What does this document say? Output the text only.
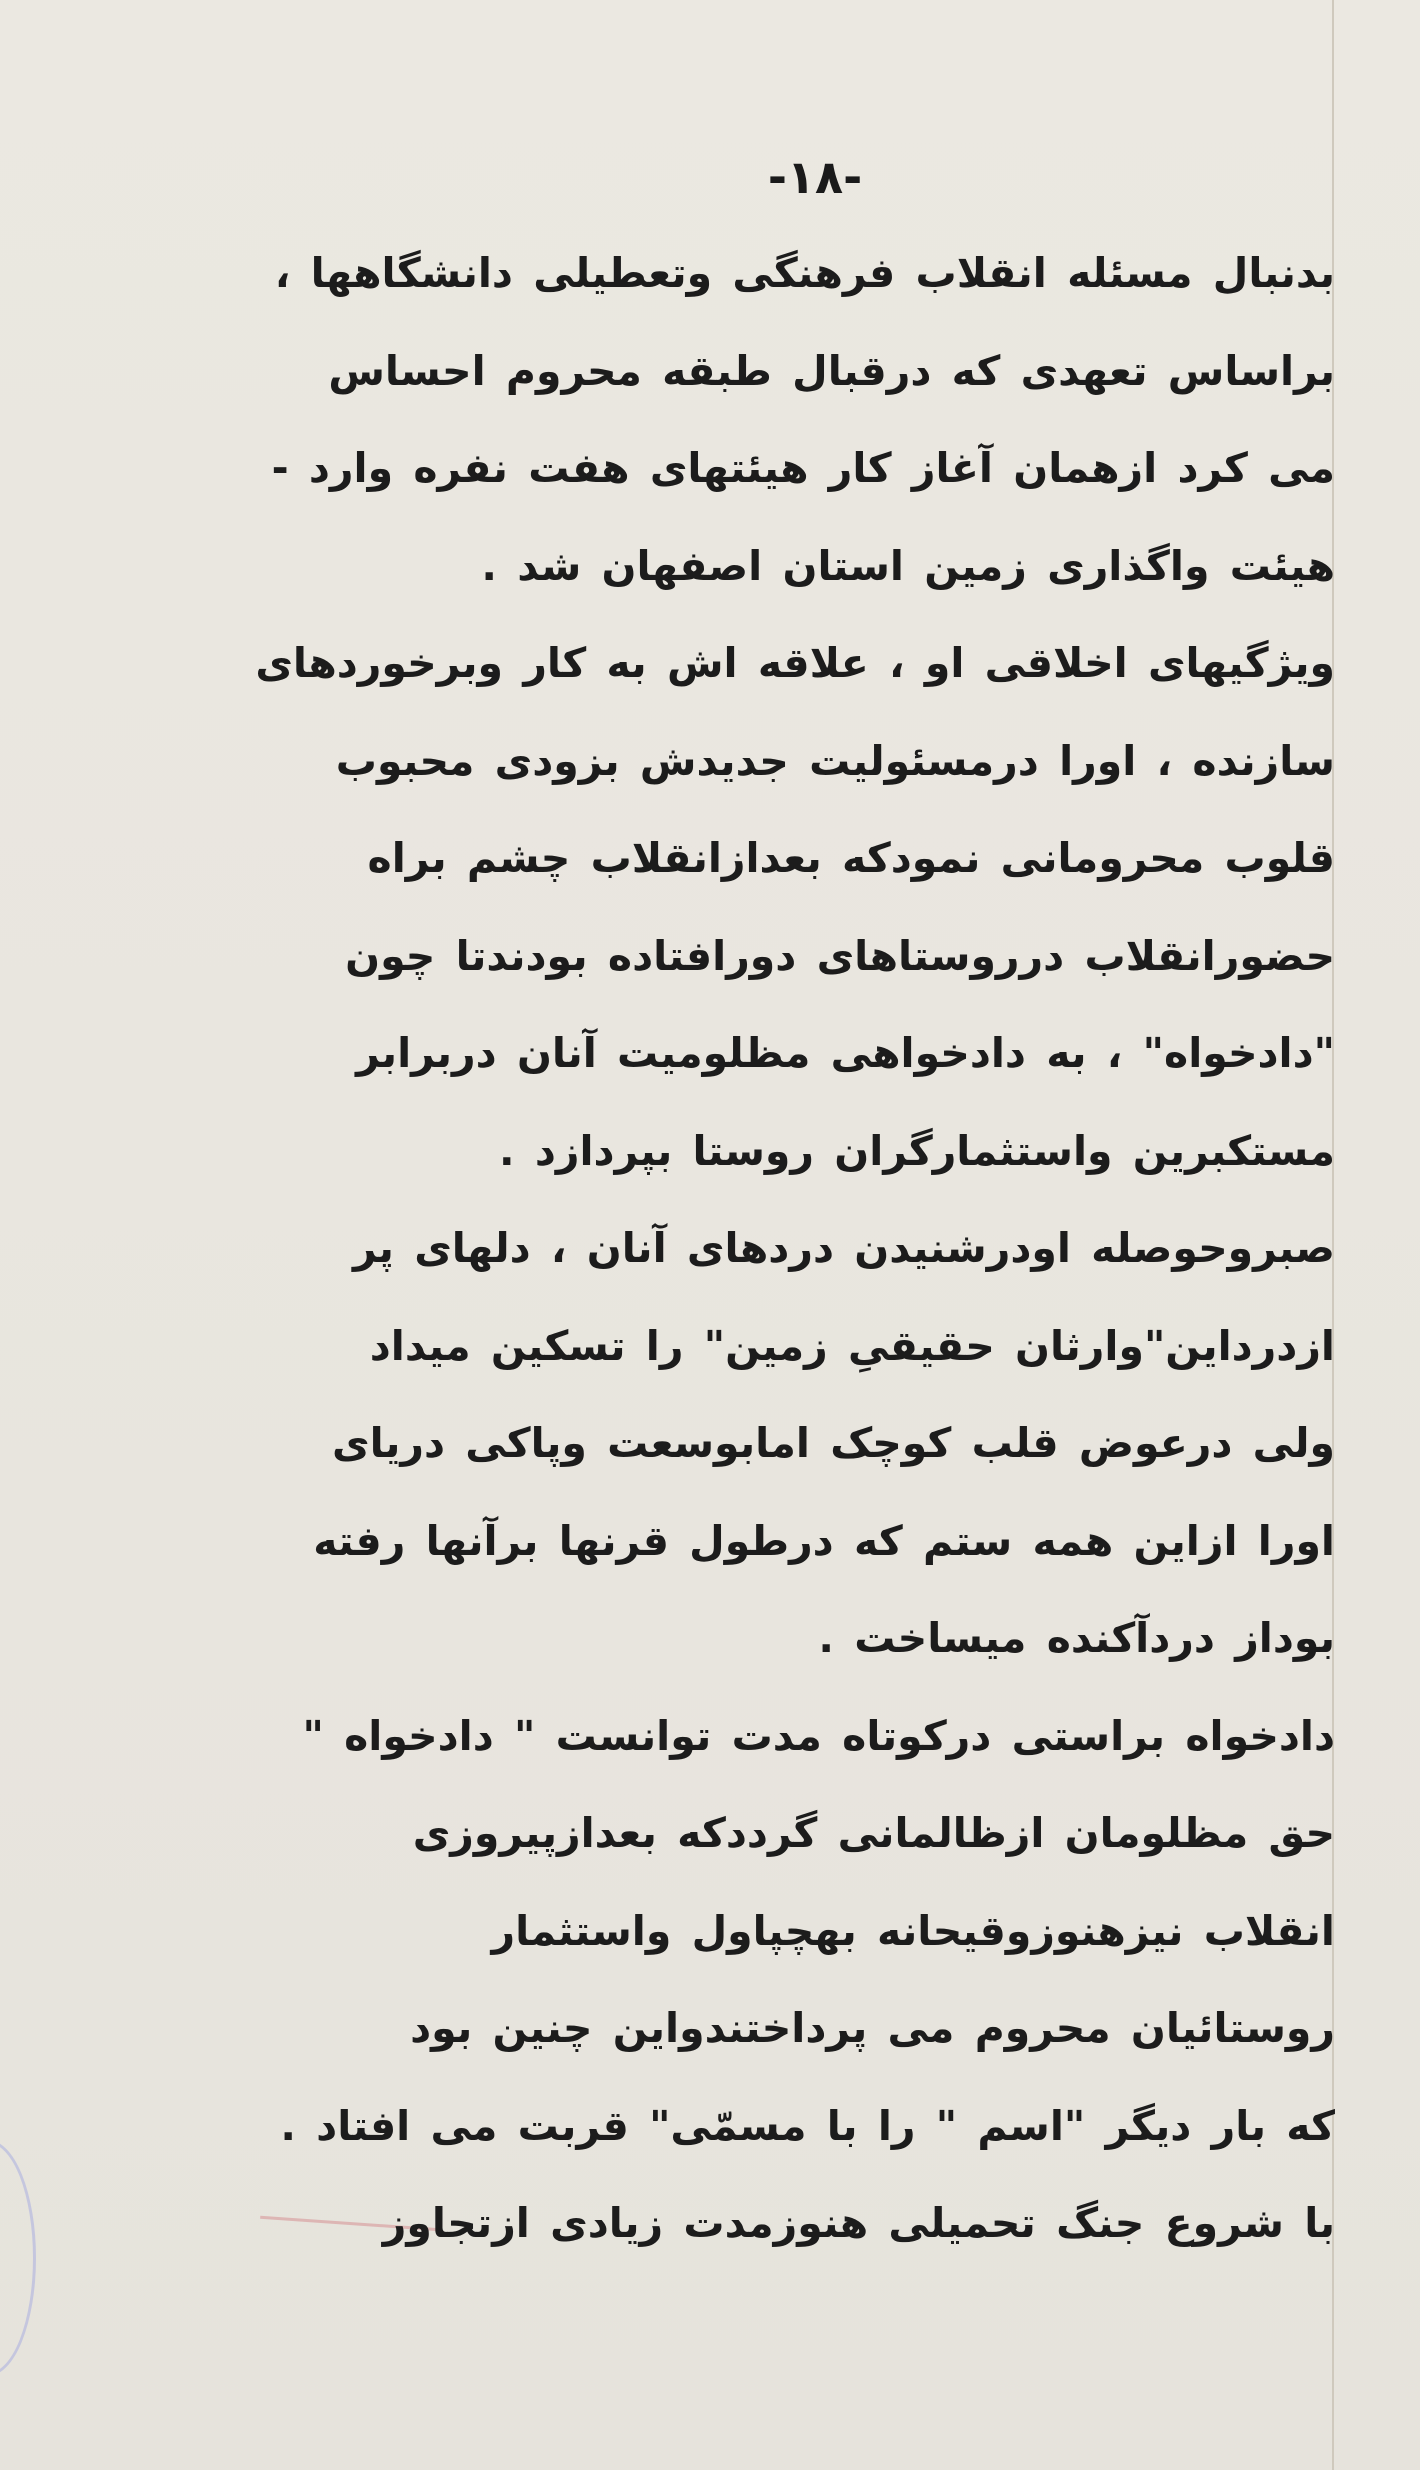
-۱۸-
بدنبال مسئله انقلاب فرهنگی وتعطیلی دانشگاهها ،
براساس تعهدی که درقبال طبقه محروم احساس
می کرد ازهمان آغاز کار هیئتهای هفت نفره وارد -
هیئت واگذاری زمین استان اصفهان شد .
ویژگیهای اخلاقی او ، علاقه اش به کار وبرخوردهای
سازنده ، اورا درمسئولیت جدیدش بزودی محبوب
قلوب محرومانی نمودکه بعدازانقلاب چشم براه
حضورانقلاب درروستاهای دورافتاده بودندتا چون
"دادخواه" ، به دادخواهی مظلومیت آنان دربرابر
مستکبرین واستثمارگران روستا بپردازد .
صبروحوصله اودرشنیدن دردهای آنان ، دلهای پر
ازدرداین"وارثان حقیقیِ زمین" را تسکین میداد
ولی درعوض قلب کوچک امابوسعت وپاکی دریای
اورا ازاین همه ستم که درطول قرنها برآنها رفته
بوداز دردآکنده میساخت .
دادخواه براستی درکوتاه مدت توانست " دادخواه "
حق مظلومان ازظالمانی گرددکه بعدازپیروزی
انقلاب نیزهنوزوقیحانه بهچپاول واستثمار
روستائیان محروم می پرداختندواین چنین بود
که بار دیگر "اسم " را با مسمّی" قربت می افتاد .
با شروع جنگ تحمیلی هنوزمدت زیادی ازتجاوز
